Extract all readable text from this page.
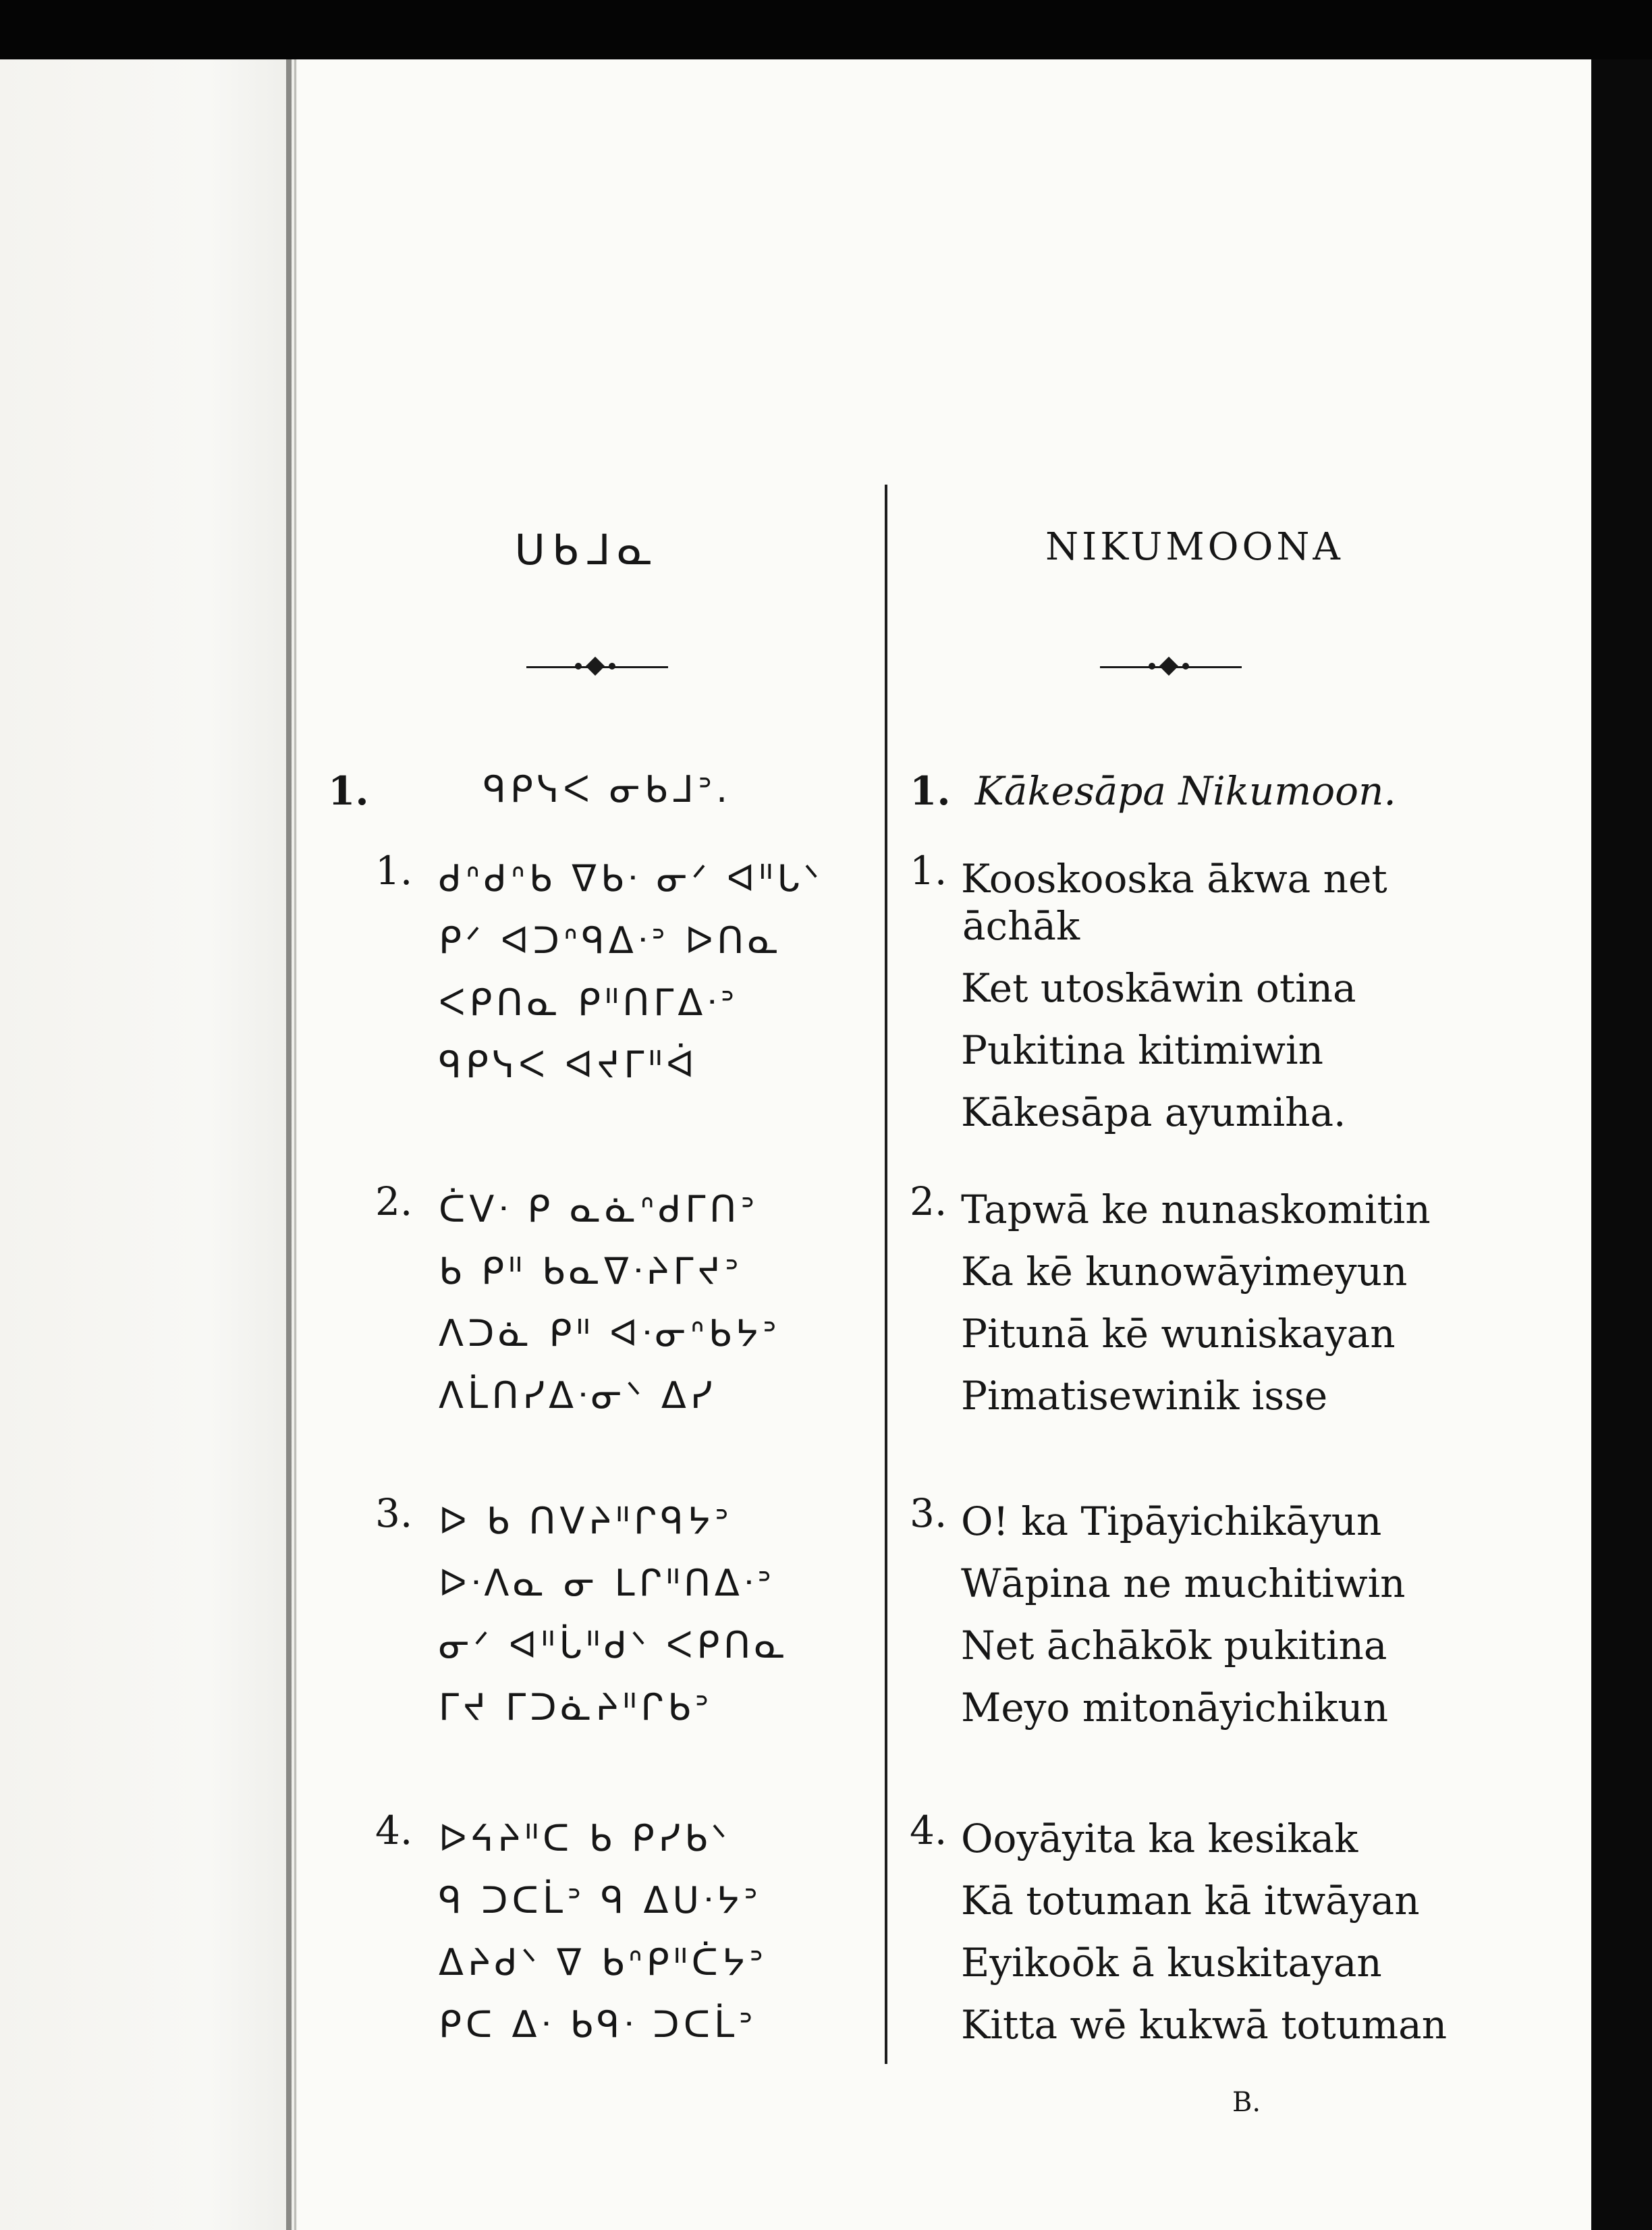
ᑌᑲᒧᓇ	NIKUMOONA
1.	ᑫᑭᓭᐸ ᓂᑲᒧᐣ.	1. Kākesāpa Nikumoon.
1. ᑯᐢᑯᐢᑲ ᐁᑲᐧ ᓂᐟ ᐊᐦᒐᐠ
ᑭᐟ ᐊᑐᐢᑫᐃᐧᐣ ᐅᑎᓇ
ᐸᑭᑎᓇ ᑭᐦᑎᒥᐃᐧᐣ
ᑫᑭᓭᐸ ᐊᔪᒥᐦᐋ
2. ᑖᐯᐧ ᑭ ᓇᓈᐢᑯᒥᑎᐣ
ᑲ ᑭᐦ ᑲᓇᐁᐧᔨᒥᔪᐣ
ᐱᑐᓈ ᑭᐦ ᐊᐧᓂᐢᑲᔭᐣ
ᐱᒫᑎᓯᐃᐧᓂᐠ ᐃᓯ
3. ᐅ ᑲ ᑎᐯᔨᐦᒋᑫᔭᐣ
ᐅᐧᐱᓇ ᓂ ᒪᒋᐦᑎᐃᐧᐣ
ᓂᐟ ᐊᐦᒑᐦᑯᐠ ᐸᑭᑎᓇ
ᒥᔪ ᒥᑐᓈᔨᐦᒋᑲᐣ
4. ᐅᔦᔨᐦᑕ ᑲ ᑭᓯᑲᐠ
ᑫ ᑐᑕᒫᐣ ᑫ ᐃᑌᐧᔭᐣ
ᐃᔨᑯᐠ ᐁ ᑲᐢᑭᐦᑖᔭᐣ
ᑭᑕ ᐃᐧ ᑲᑫᐧ ᑐᑕᒫᐣ
1. Kooskooska ākwa net
āchāk
Ket utoskāwin otina
Pukitina kitimiwin
Kākesāpa ayumiha.
2. Tapwā ke nunaskomitin
Ka kē kunowāyimeyun
Pitunā kē wuniskayan
Pimatisewinik isse
3. O! ka Tipāyichikāyun
Wāpina ne muchitiwin
Net āchākōk pukitina
Meyo mitonāyichikun
4. Ooyāyita ka kesikak
Kā totuman kā itwāyan
Eyikoōk ā kuskitayan
Kitta wē kukwā totuman
B.
